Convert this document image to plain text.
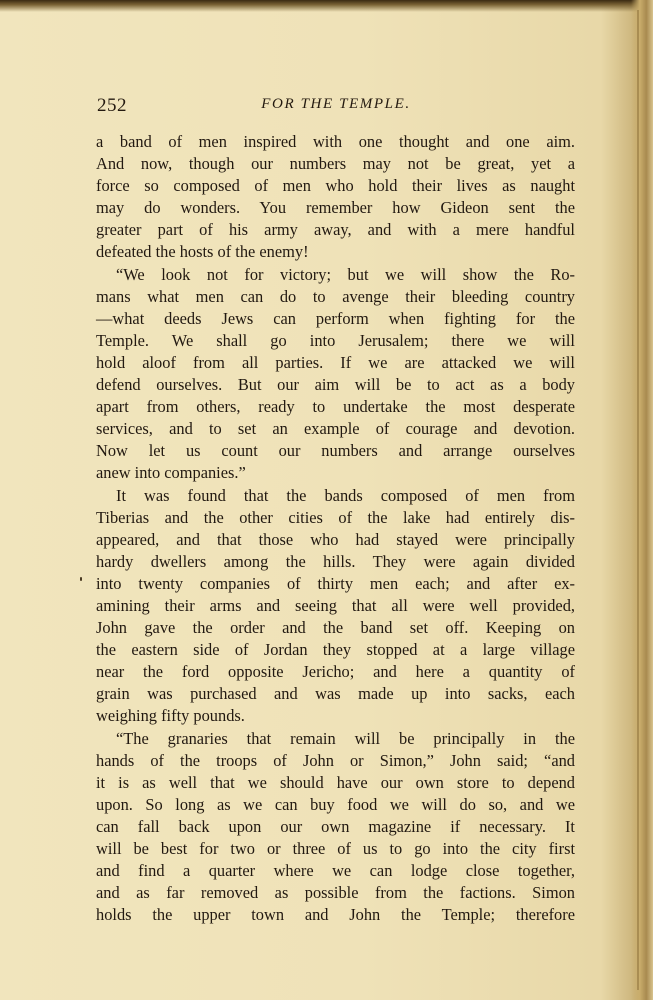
252	FOR THE TEMPLE.
a band of men inspired with one thought and one aim.
And now, though our numbers may not be great, yet a
force so composed of men who hold their lives as naught
may do wonders. You remember how Gideon sent the
greater part of his army away, and with a mere handful
defeated the hosts of the enemy!
“We look not for victory; but we will show the Ro-
mans what men can do to avenge their bleeding country
—what deeds Jews can perform when fighting for the
Temple. We shall go into Jerusalem; there we will
hold aloof from all parties. If we are attacked we will
defend ourselves. But our aim will be to act as a body
apart from others, ready to undertake the most desperate
services, and to set an example of courage and devotion.
Now let us count our numbers and arrange ourselves
anew into companies.”
It was found that the bands composed of men from
Tiberias and the other cities of the lake had entirely dis-
appeared, and that those who had stayed were principally
hardy dwellers among the hills. They were again divided
into twenty companies of thirty men each; and after ex-
amining their arms and seeing that all were well provided,
John gave the order and the band set off. Keeping on
the eastern side of Jordan they stopped at a large village
near the ford opposite Jericho; and here a quantity of
grain was purchased and was made up into sacks, each
weighing fifty pounds.
“The granaries that remain will be principally in the
hands of the troops of John or Simon,” John said; “and
it is as well that we should have our own store to depend
upon. So long as we can buy food we will do so, and we
can fall back upon our own magazine if necessary. It
will be best for two or three of us to go into the city first
and find a quarter where we can lodge close together,
and as far removed as possible from the factions. Simon
holds the upper town and John the Temple; therefore
